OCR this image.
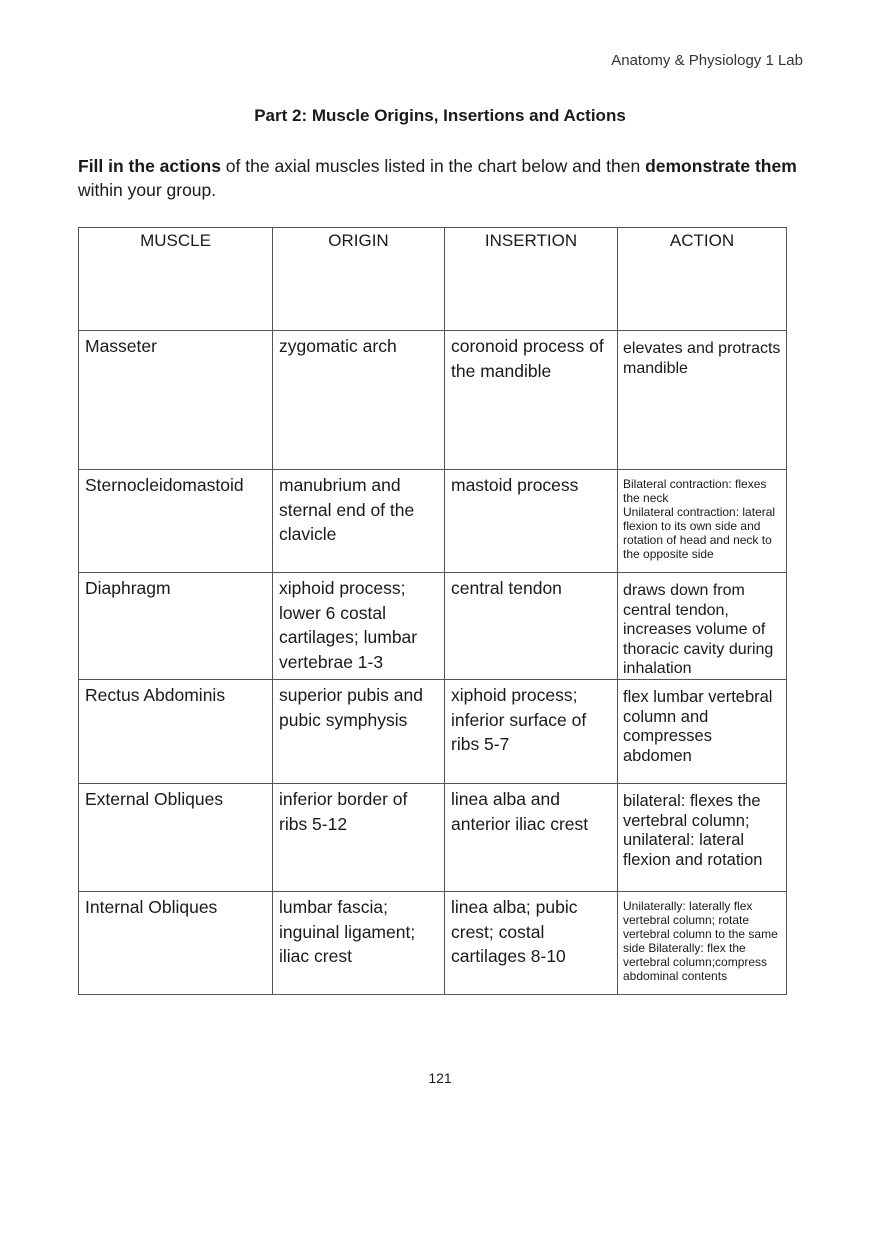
Anatomy & Physiology 1 Lab
Part 2: Muscle Origins, Insertions and Actions
Fill in the actions of the axial muscles listed in the chart below and then demonstrate them within your group.
MUSCLE	ORIGIN	INSERTION	ACTION

Masseter	zygomatic arch	coronoid process of the mandible	elevates and protracts mandible

Sternocleidomastoid	manubrium and sternal end of the clavicle	mastoid process	Bilateral contraction: flexes the neck
Unilateral contraction: lateral flexion to its own side and rotation of head and neck to the opposite side

Diaphragm	xiphoid process; lower 6 costal cartilages; lumbar vertebrae 1-3	central tendon	draws down from central tendon, increases volume of thoracic cavity during inhalation

Rectus Abdominis	superior pubis and pubic symphysis	xiphoid process; inferior surface of ribs 5-7	flex lumbar vertebral column and compresses abdomen

External Obliques	inferior border of ribs 5-12	linea alba and anterior iliac crest	bilateral: flexes the vertebral column; unilateral: lateral flexion and rotation

Internal Obliques	lumbar fascia; inguinal ligament; iliac crest	linea alba; pubic crest; costal cartilages 8-10	Unilaterally: laterally flex vertebral column; rotate vertebral column to the same side Bilaterally: flex the vertebral column;compress abdominal contents
121
